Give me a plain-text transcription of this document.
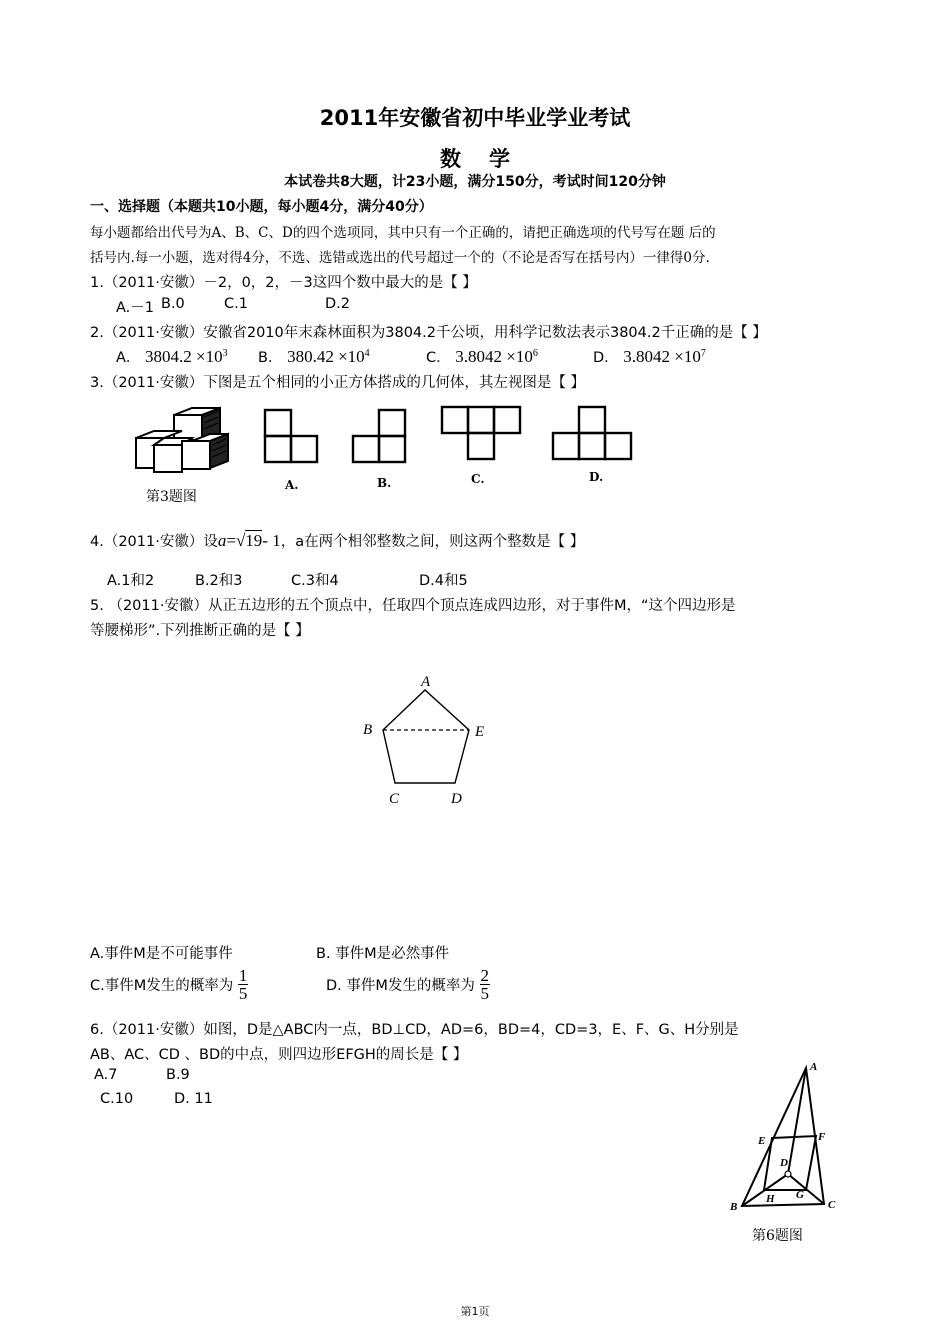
2011年安徽省初中毕业学业考试
数学
本试卷共8大题，计23小题，满分150分，考试时间120分钟
一、选择题（本题共10小题，每小题4分，满分40分）
每小题都给出代号为A、B、C、D的四个选项同，其中只有一个正确的，请把正确选项的代号写在题 后的
括号内.每一小题，选对得4分，不选、选错或选出的代号超过一个的（不论是否写在括号内）一律得0分.
1.（2011·安徽）－2，0，2，－3这四个数中最大的是【 】
A.－1 B.0	C.1	D.2
2.（2011·安徽）安徽省2010年末森林面积为3804.2千公顷，用科学记数法表示3804.2千正确的是【 】
A． $3804.2 \times 10^3$ B． $380.42 \times 10^4$	C． $3.8042 \times 10^6$	D． $3.8042 \times 10^7$
3.（2011·安徽）下图是五个相同的小正方体搭成的几何体，其左视图是【 】
第3题图
A.	B.	C.	D.
4.（2011·安徽）设a=√19- 1，a在两个相邻整数之间，则这两个整数是【 】
A.1和2	B.2和3	C.3和4	D.4和5
5. （2011·安徽）从正五边形的五个顶点中，任取四个顶点连成四边形，对于事件M，“这个四边形是
等腰梯形”.下列推断正确的是【 】
A
B	E
C	D
A.事件M是不可能事件	B. 事件M是必然事件
C.事件M发生的概率为 $\frac{1}{5}$	D. 事件M发生的概率为 $\frac{2}{5}$
6.（2011·安徽）如图，D是△ABC内一点，BD⊥CD，AD=6，BD=4，CD=3，E、F、G、H分别是
AB、AC、CD 、BD的中点，则四边形EFGH的周长是【 】
A.7	B.9
C.10	D. 11
A
E	F
D
H G
B	C
第6题图
第1页
